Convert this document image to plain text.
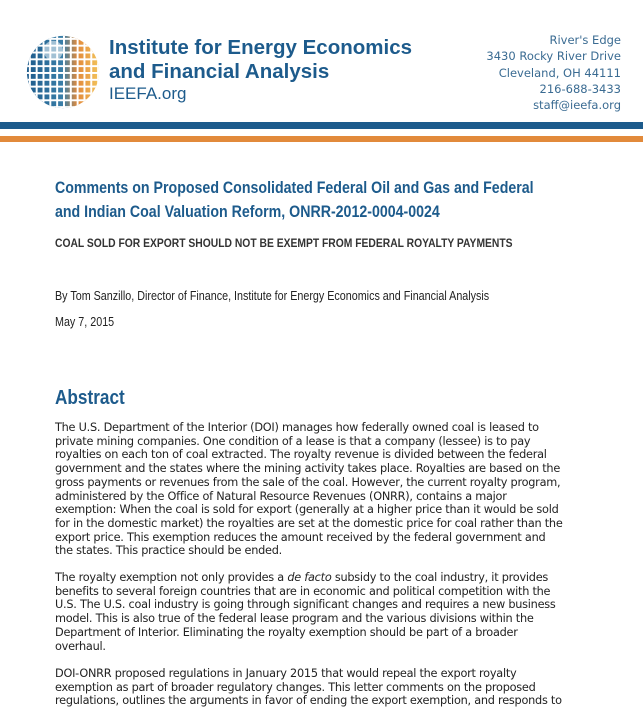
Institute for Energy Economics
and Financial Analysis
IEEFA.org
River's Edge
3430 Rocky River Drive
Cleveland, OH 44111
216-688-3433
staff@ieefa.org
Comments on Proposed Consolidated Federal Oil and Gas and Federal
and Indian Coal Valuation Reform, ONRR-2012-0004-0024
COAL SOLD FOR EXPORT SHOULD NOT BE EXEMPT FROM FEDERAL ROYALTY PAYMENTS
By Tom Sanzillo, Director of Finance, Institute for Energy Economics and Financial Analysis
May 7, 2015
Abstract
The U.S. Department of the Interior (DOI) manages how federally owned coal is leased to
private mining companies. One condition of a lease is that a company (lessee) is to pay
royalties on each ton of coal extracted. The royalty revenue is divided between the federal
government and the states where the mining activity takes place. Royalties are based on the
gross payments or revenues from the sale of the coal. However, the current royalty program,
administered by the Office of Natural Resource Revenues (ONRR), contains a major
exemption: When the coal is sold for export (generally at a higher price than it would be sold
for in the domestic market) the royalties are set at the domestic price for coal rather than the
export price. This exemption reduces the amount received by the federal government and
the states. This practice should be ended.
The royalty exemption not only provides a de facto subsidy to the coal industry, it provides
benefits to several foreign countries that are in economic and political competition with the
U.S. The U.S. coal industry is going through significant changes and requires a new business
model. This is also true of the federal lease program and the various divisions within the
Department of Interior. Eliminating the royalty exemption should be part of a broader
overhaul.
DOI-ONRR proposed regulations in January 2015 that would repeal the export royalty
exemption as part of broader regulatory changes. This letter comments on the proposed
regulations, outlines the arguments in favor of ending the export exemption, and responds to
